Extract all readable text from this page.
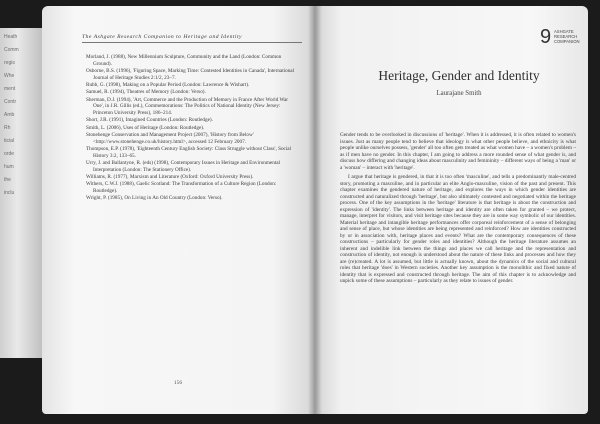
Heath
Comm
regis
Whe
ment
Contr
Amb
Rh
ticial
orde
hum
the
inclu
The Ashgate Research Companion to Heritage and Identity

Morland, J. (1988), New Millennium Sculpture, Community and the Land (London: Common Ground).

Osborne, B.S. (1996), 'Figuring Space, Marking Time: Contested Identities in Canada', International Journal of Heritage Studies 2:1/2, 23–7.

Rubb, G. (1998), Making on a Popular Period (London: Lawrence & Wishart).

Samuel, R. (1994), Theatres of Memory (London: Verso).

Sherman, D.J. (1994), 'Art, Commerce and the Production of Memory in France After World War One', in J.R. Gillis (ed.), Commemorations: The Politics of National Identity (New Jersey: Princeton University Press), 186–214.

Short, J.R. (1991), Imagined Countries (London: Routledge).

Smith, L. (2006), Uses of Heritage (London: Routledge).

Stonehenge Conservation and Management Project (2007), 'History from Below' <http://www.stonehenge.co.uk/history.html>, accessed 12 February 2007.

Thompson, E.P. (1978), 'Eighteenth Century English Society: Class Struggle without Class', Social History 3:2, 133–65.

Urry, J. and Ballantyne, R. (eds) (1998), Contemporary Issues in Heritage and Environmental Interpretation (London: The Stationery Office).

Williams, R. (1977), Marxism and Literature (Oxford: Oxford University Press).

Withers, C.W.J. (1988), Gaelic Scotland: The Transformation of a Culture Region (London: Routledge).

Wright, P. (1985), On Living in An Old Country (London: Verso).

156
9 ASHGATE
RESEARCH
COMPANION
Heritage, Gender and Identity
Laurajane Smith

Gender tends to be overlooked in discussions of 'heritage'. When it is addressed, it is often related to women's issues. Just as many people tend to believe that ideology is what other people believe, and ethnicity is what people unlike ourselves possess, 'gender' all too often gets treated as what women have – a women's problem – as if men have no gender. In this chapter, I am going to address a more rounded sense of what gender is, and discuss how differing and changing ideas about masculinity and femininity – different ways of being a 'man' or a 'woman' – interact with 'heritage'.

I argue that heritage is gendered, in that it is too often 'masculine', and tells a predominantly male-centred story, promoting a masculine, and in particular an elite Anglo-masculine, vision of the past and present. This chapter examines the gendered nature of heritage, and explores the ways in which gender identities are constructed and naturalized through 'heritage', but also ultimately contested and negotiated within the heritage process. One of the key assumptions in the 'heritage' literature is that heritage is about the construction and expression of 'identity'. The links between heritage and identity are often taken for granted – we protect, manage, interpret for visitors, and visit heritage sites because they are in some way symbolic of our identities. Material heritage and intangible heritage performances offer corporeal reinforcement of a sense of belonging and sense of place, but whose identities are being represented and reinforced? How are identities constructed by or in association with, heritage places and events? What are the contemporary consequences of these constructions – particularly for gender roles and identities? Although the heritage literature assumes an inherent and indelible link between the things and places we call heritage and the representation and construction of identity, not enough is understood about the nature of these links and processes and how they are (re)created. A lot is assumed, but little is actually known, about the dynamics of the social and cultural roles that heritage 'does' in Western societies. Another key assumption is the monolithic and fixed nature of identity that is expressed and constructed through heritage. The aim of this chapter is to acknowledge and unpick some of these assumptions – particularly as they relate to issues of gender.
